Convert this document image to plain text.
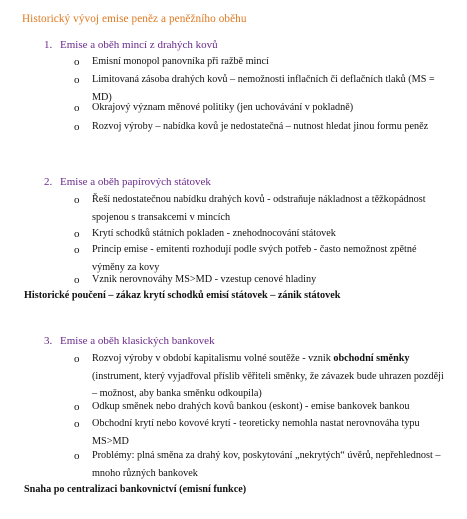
Historický vývoj emise peněz a peněžního oběhu
1. Emise a oběh mincí z drahých kovů
o Emisní monopol panovníka při ražbě mincí
o Limitovaná zásoba drahých kovů – nemožnosti inflačních či deflačních tlaků (MS = MD)
o Okrajový význam měnové politiky (jen uchovávání v pokladně)
o Rozvoj výroby – nabídka kovů je nedostatečná – nutnost hledat jinou formu peněz
2. Emise a oběh papírových státovek
o Řeší nedostatečnou nabídku drahých kovů - odstraňuje nákladnost a těžkopádnost spojenou s transakcemi v mincích
o Krytí schodků státních pokladen - znehodnocování státovek
o Princip emise - emitenti rozhodují podle svých potřeb - často nemožnost zpětné výměny za kovy
o Vznik nerovnováhy MS>MD - vzestup cenové hladiny
Historické poučení – zákaz krytí schodků emisí státovek – zánik státovek
3. Emise a oběh klasických bankovek
o Rozvoj výroby v období kapitalismu volné soutěže - vznik obchodní směnky (instrument, který vyjadřoval příslib věřiteli směnky, že závazek bude uhrazen později – možnost, aby banka směnku odkoupila)
o Odkup směnek nebo drahých kovů bankou (eskont) - emise bankovek bankou
o Obchodní krytí nebo kovové krytí - teoreticky nemohla nastat nerovnováha typu MS>MD
o Problémy: plná směna za drahý kov, poskytování „nekrytých“ úvěrů, nepřehlednost – mnoho různých bankovek
Snaha po centralizaci bankovnictví (emisní funkce)
